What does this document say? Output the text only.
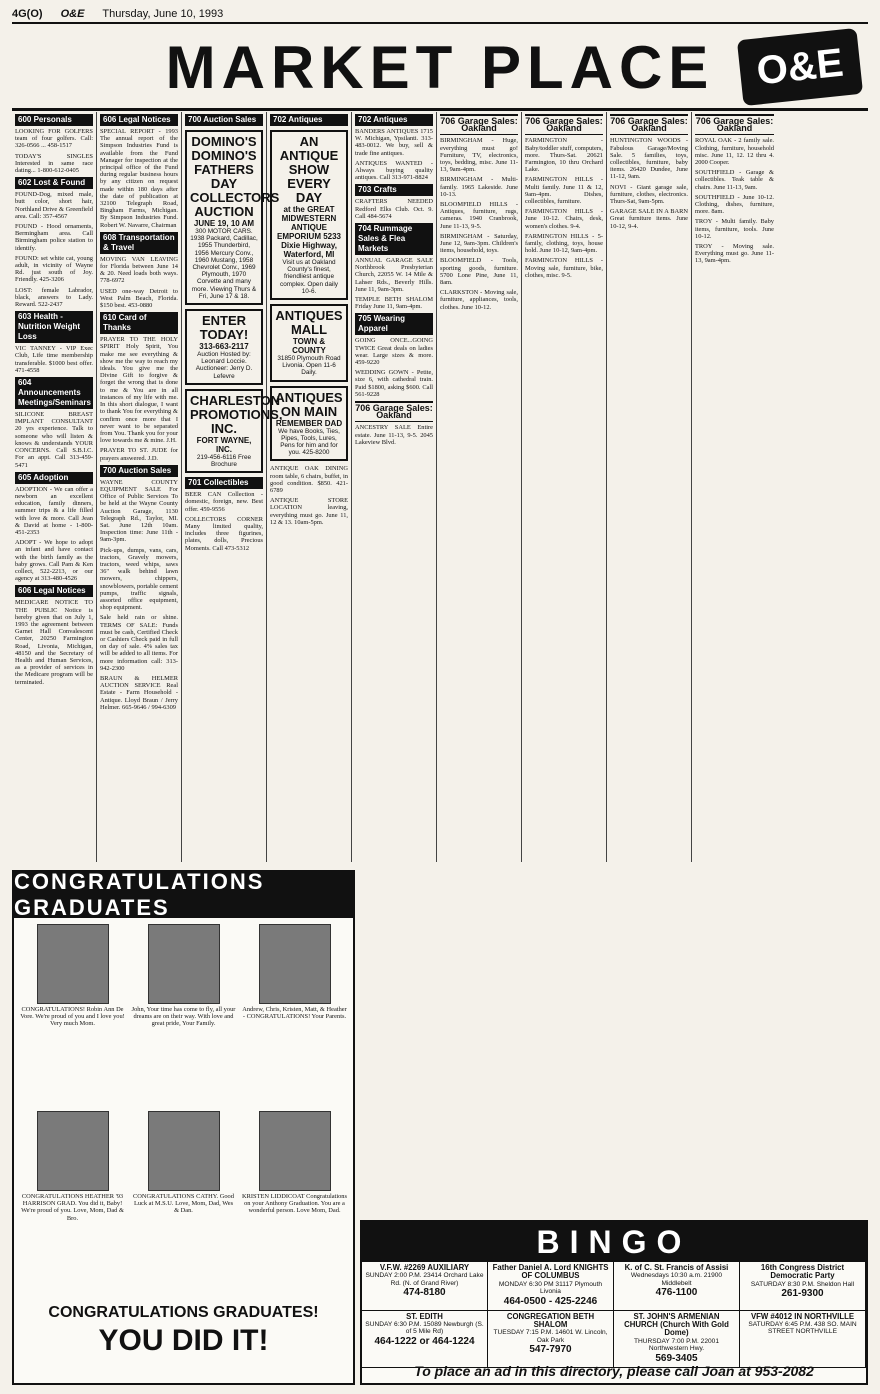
4G(O) O&E Thursday, June 10, 1993
MARKET PLACE	O&E
600 Personals
LOOKING FOR GOLFERS team of four golfers. Call: 326-0566 ... 458-1517
TODAY'S SINGLES Interested in same race dating... 1-800-612-0405
602 Lost & Found
FOUND-Dog, mixed male, butt color, short hair, Northland Drive & Greenfield area. Call: 357-4567
FOUND - Hood ornaments, Bermingham area. Call Birmingham police station to identify.
FOUND: set white cat, young adult, in vicinity of Wayne Rd. just south of Joy. Friendly. 425-3206
LOST: female Labrador, black, answers to Lady. Reward. 522-2437
603 Health - Nutrition Weight Loss
VIC TANNEY - VIP Exec Club, Life time membership transferable. $1000 best offer. 471-4558
604 Announcements Meetings/Seminars
SILICONE BREAST IMPLANT CONSULTANT 20 yrs experience. Talk to someone who will listen & knows & understands YOUR CONCERNS. Call S.B.I.C. For an appt. Call 313-459-5471
605 Adoption
ADOPTION - We can offer a newborn an excellent education, family dinners, summer trips & a life filled with love & more. Call Jean & David at home - 1-800-451-2353
ADOPT - We hope to adopt an infant and have contact with the birth family as the baby grows. Call Pam & Ken collect, 522-2213, or our agency at 313-480-4526
606 Legal Notices
MEDICARE NOTICE TO THE PUBLIC Notice is hereby given that on July 1, 1993 the agreement between Garnet Hall Convalescent Center, 20250 Farmington Road, Livonia, Michigan, 48150 and the Secretary of Health and Human Services, as a provider of services in the Medicare program will be terminated.
606 Legal Notices
SPECIAL REPORT - 1993 The annual report of the Simpson Industries Fund is available from the Fund Manager for inspection at the principal office of the Fund during regular business hours by any citizen on request made within 180 days after the date of publication at 32100 Telegraph Road, Bingham Farms, Michigan. By Simpson Industries Fund. Robert W. Navarre, Chairman
608 Transportation & Travel
MOVING VAN LEAVING for Florida between June 14 & 20. Need loads both ways. 778-6972
USED one-way Detroit to West Palm Beach, Florida. $150 best. 453-0880
610 Card of Thanks
PRAYER TO THE HOLY SPIRIT Holy Spirit, You make me see everything & show me the way to reach my ideals. You give me the Divine Gift to forgive & forget the wrong that is done to me & You are in all instances of my life with me. In this short dialogue, I want to thank You for everything & confirm once more that I never want to be separated from You. Thank you for your love towards me & mine. J.H.
PRAYER TO ST. JUDE for prayers answered. J.D.
700 Auction Sales
WAYNE COUNTY EQUIPMENT SALE For Office of Public Services To be held at the Wayne County Auction Garage, 1130 Telegraph Rd., Taylor, MI. Sat. June 12th 10am. Inspection time: June 11th - 9am-3pm.
Pick-ups, dumps, vans, cars, tractors, Gravely mowers, tractors, weed whips, saws 36" walk behind lawn mowers, chippers, snowblowers, portable cement pumps, traffic signals, assorted office equipment, shop equipment.
Sale held rain or shine. TERMS OF SALE: Funds must be cash, Certified Check or Cashiers Check paid in full on day of sale. 4% sales tax will be added to all items. For more information call: 313-942-2300
BRAUN & HELMER AUCTION SERVICE Real Estate - Farm Household - Antique. Lloyd Braun / Jerry Helmer. 665-9646 / 994-6309
700 Auction Sales
DOMINO'S DOMINO'S FATHERS DAY COLLECTORS AUCTION
JUNE 19, 10 AM
300 MOTOR CARS. 1938 Packard, Cadillac, 1955 Thunderbird, 1956 Mercury Conv., 1960 Mustang, 1958 Chevrolet Conv., 1969 Plymouth, 1970 Corvette and many more. Viewing Thurs & Fri, June 17 & 18.
ENTER TODAY!
313-663-2117
Auction Hosted by: Leonard Loccie. Auctioneer: Jerry D. Lefevre
CHARLESTON PROMOTIONS, INC.
FORT WAYNE, INC.
219-456-6116 Free Brochure
701 Collectibles
BEER CAN Collection - domestic, foreign, new. Best offer. 459-9556
COLLECTORS CORNER Many limited quality, includes three figurines, plates, dolls, Precious Moments. Call 473-5312
702 Antiques
AN ANTIQUE SHOW EVERY DAY
at the GREAT MIDWESTERN ANTIQUE EMPORIUM 5233 Dixie Highway, Waterford, MI
Visit us at Oakland County's finest, friendliest antique complex. Open daily 10-6.
ANTIQUES MALL
TOWN & COUNTY
31850 Plymouth Road Livonia. Open 11-6 Daily.
ANTIQUES ON MAIN
REMEMBER DAD
We have Books, Ties, Pipes, Tools, Lures, Pens for him and for you. 425-8200
ANTIQUE OAK DINING room table, 6 chairs, buffet, in good condition. $850. 421-6789
ANTIQUE STORE LOCATION leaving, everything must go. June 11, 12 & 13. 10am-5pm.
702 Antiques
BANDERS ANTIQUES 1715 W. Michigan, Ypsilanti. 313-483-0012. We buy, sell & trade fine antiques.
ANTIQUES WANTED - Always buying quality antiques. Call 313-971-8824
703 Crafts
CRAFTERS NEEDED Redford Elks Club. Oct. 9. Call 484-5674
704 Rummage Sales & Flea Markets
ANNUAL GARAGE SALE Northbrook Presbyterian Church, 22055 W. 14 Mile & Lahser Rds., Beverly Hills. June 11, 9am-3pm.
TEMPLE BETH SHALOM Friday June 11, 9am-4pm.
705 Wearing Apparel
GOING ONCE...GOING TWICE Great deals on ladies wear. Large sizes & more. 459-9220
WEDDING GOWN - Petite, size 6, with cathedral train. Paid $1800, asking $600. Call 561-9228
706 Garage Sales: Oakland
ANCESTRY SALE Entire estate. June 11-13, 9-5. 2045 Lakeview Blvd.
706 Garage Sales: Oakland
BIRMINGHAM - Huge, everything must go! Furniture, TV, electronics, toys, bedding, misc. June 11-13, 9am-4pm.
BIRMINGHAM - Multi-family. 1965 Lakeside. June 10-13.
BLOOMFIELD HILLS - Antiques, furniture, rugs, cameras. 1940 Cranbrook, June 11-13, 9-5.
BIRMINGHAM - Saturday, June 12, 9am-3pm. Children's items, household, toys.
BLOOMFIELD - Tools, sporting goods, furniture. 5700 Lone Pine, June 11, 8am.
CLARKSTON - Moving sale, furniture, appliances, tools, clothes. June 10-12.
706 Garage Sales: Oakland
FARMINGTON - Baby/toddler stuff, computers, more. Thurs-Sat. 20621 Farmington, 10 thru Orchard Lake.
FARMINGTON HILLS - Multi family. June 11 & 12, 9am-4pm. Dishes, collectibles, furniture.
FARMINGTON HILLS - June 10-12. Chairs, desk, women's clothes. 9-4.
FARMINGTON HILLS - 5-family, clothing, toys, house hold. June 10-12, 9am-4pm.
FARMINGTON HILLS - Moving sale, furniture, bike, clothes, misc. 9-5.
706 Garage Sales: Oakland
HUNTINGTON WOODS - Fabulous Garage/Moving Sale. 5 families, toys, collectibles, furniture, baby items. 26420 Dundee, June 11-12, 9am.
NOVI - Giant garage sale, furniture, clothes, electronics. Thurs-Sat, 9am-5pm.
GARAGE SALE IN A BARN Great furniture items. June 10-12, 9-4.
706 Garage Sales: Oakland
ROYAL OAK - 2 family sale. Clothing, furniture, household misc. June 11, 12. 12 thru 4. 2000 Cooper.
SOUTHFIELD - Garage & collectibles. Teak table & chairs. June 11-13, 9am.
SOUTHFIELD - June 10-12. Clothing, dishes, furniture, more. 8am.
TROY - Multi family. Baby items, furniture, tools. June 10-12.
TROY - Moving sale. Everything must go. June 11-13, 9am-4pm.
CONGRATULATIONS GRADUATES
CONGRATULATIONS! Robin Ann De Vore. We're proud of you and I love you! Very much Mom.
John, Your time has come to fly, all your dreams are on their way. With love and great pride, Your Family.
Andrew, Chris, Kristen, Matt, & Heather - CONGRATULATIONS! Your Parents.
CONGRATULATIONS HEATHER '93 HARRISON GRAD. You did it, Baby! We're proud of you. Love, Mom, Dad & Bro.
CONGRATULATIONS CATHY. Good Luck at M.S.U. Love, Mom, Dad, Wes & Dan.
KRISTEN LIDDICOAT Congratulations on your Anthony Graduation. You are a wonderful person. Love Mom, Dad.
CONGRATULATIONS GRADUATES!
YOU DID IT!
BINGO
V.F.W. #2269 AUXILIARY
SUNDAY 2:00 P.M. 23414 Orchard Lake Rd. (N. of Grand River)
474-8180
Father Daniel A. Lord KNIGHTS OF COLUMBUS
MONDAY 6:30 PM 31117 Plymouth Livonia
464-0500 - 425-2246
K. of C. St. Francis of Assisi
Wednesdays 10:30 a.m. 21900 Middlebelt
476-1100
16th Congress District Democratic Party
SATURDAY 8:30 P.M. Sheldon Hall
261-9300
ST. EDITH
SUNDAY 6:30 P.M. 15089 Newburgh (S. of 5 Mile Rd)
464-1222 or 464-1224
CONGREGATION BETH SHALOM
TUESDAY 7:15 P.M. 14601 W. Lincoln, Oak Park
547-7970
ST. JOHN'S ARMENIAN CHURCH (Church With Gold Dome)
THURSDAY 7:00 P.M. 22001 Northwestern Hwy.
569-3405
VFW #4012 IN NORTHVILLE
SATURDAY 6:45 P.M. 438 SO. MAIN STREET NORTHVILLE
To place an ad in this directory, please call Joan at 953-2082
